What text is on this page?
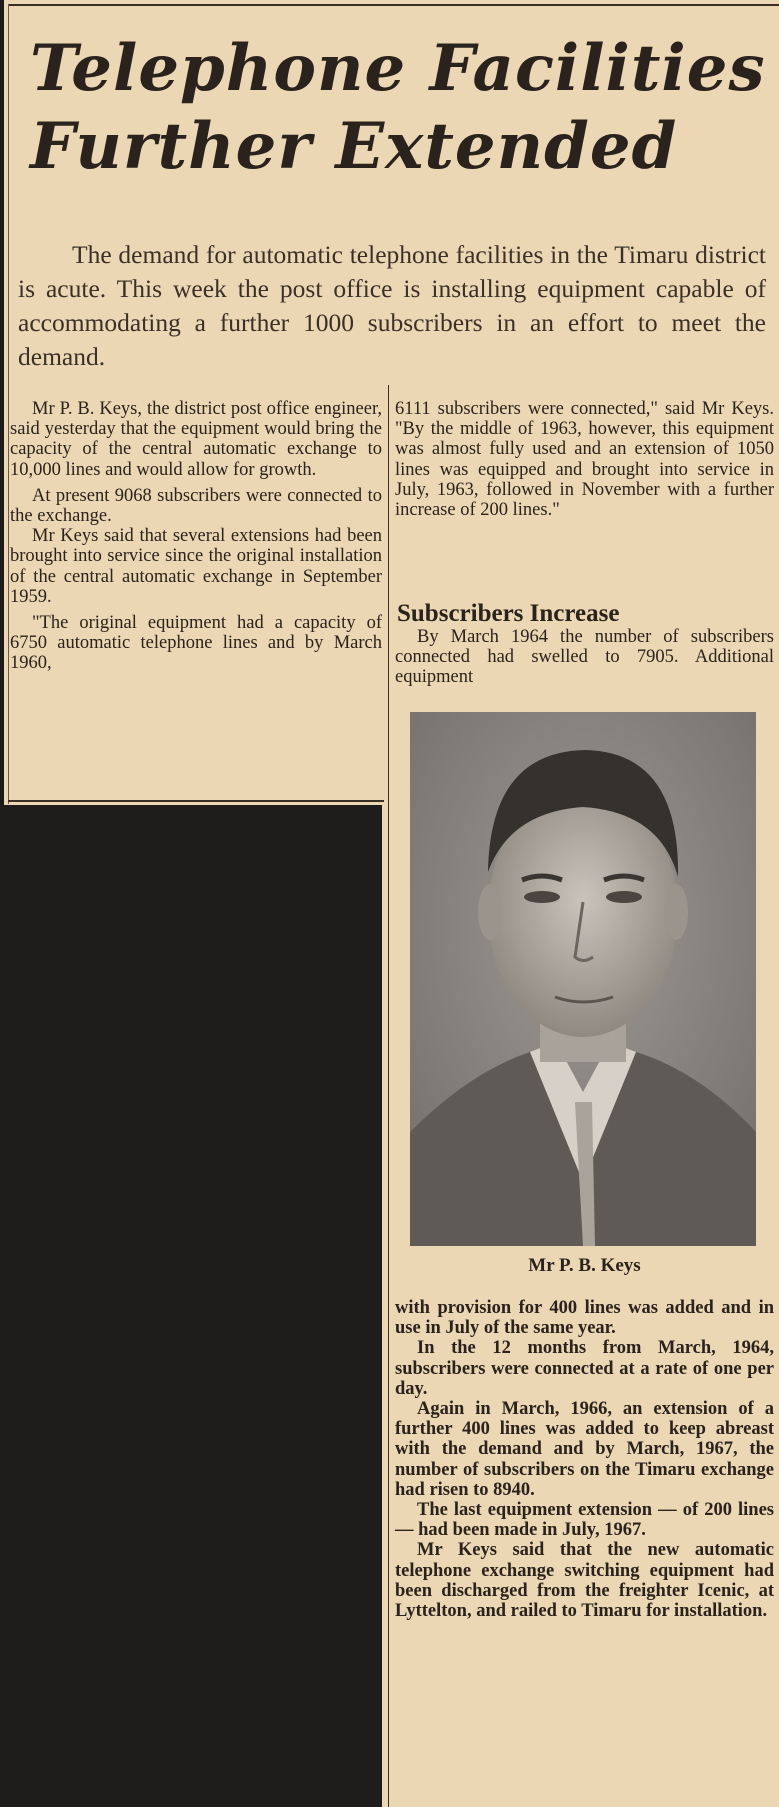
Telephone Facilities
Further Extended

The demand for automatic telephone facilities in the Timaru district is acute. This week the post office is installing equipment capable of accommodating a further 1000 subscribers in an effort to meet the demand.

Mr P. B. Keys, the district post office engineer, said yesterday that the equipment would bring the capacity of the central automatic exchange to 10,000 lines and would allow for growth.

At present 9068 subscribers were connected to the exchange.

Mr Keys said that several extensions had been brought into service since the original installation of the central automatic exchange in September 1959.

"The original equipment had a capacity of 6750 automatic telephone lines and by March 1960,

6111 subscribers were connected," said Mr Keys. "By the middle of 1963, however, this equipment was almost fully used and an extension of 1050 lines was equipped and brought into service in July, 1963, followed in November with a further increase of 200 lines."

Subscribers Increase

By March 1964 the number of subscribers connected had swelled to 7905. Additional equipment

Mr P. B. Keys

with provision for 400 lines was added and in use in July of the same year.

In the 12 months from March, 1964, subscribers were connected at a rate of one per day.

Again in March, 1966, an extension of a further 400 lines was added to keep abreast with the demand and by March, 1967, the number of subscribers on the Timaru exchange had risen to 8940.

The last equipment extension — of 200 lines — had been made in July, 1967.

Mr Keys said that the new automatic telephone exchange switching equipment had been discharged from the freighter Icenic, at Lyttelton, and railed to Timaru for installation.
